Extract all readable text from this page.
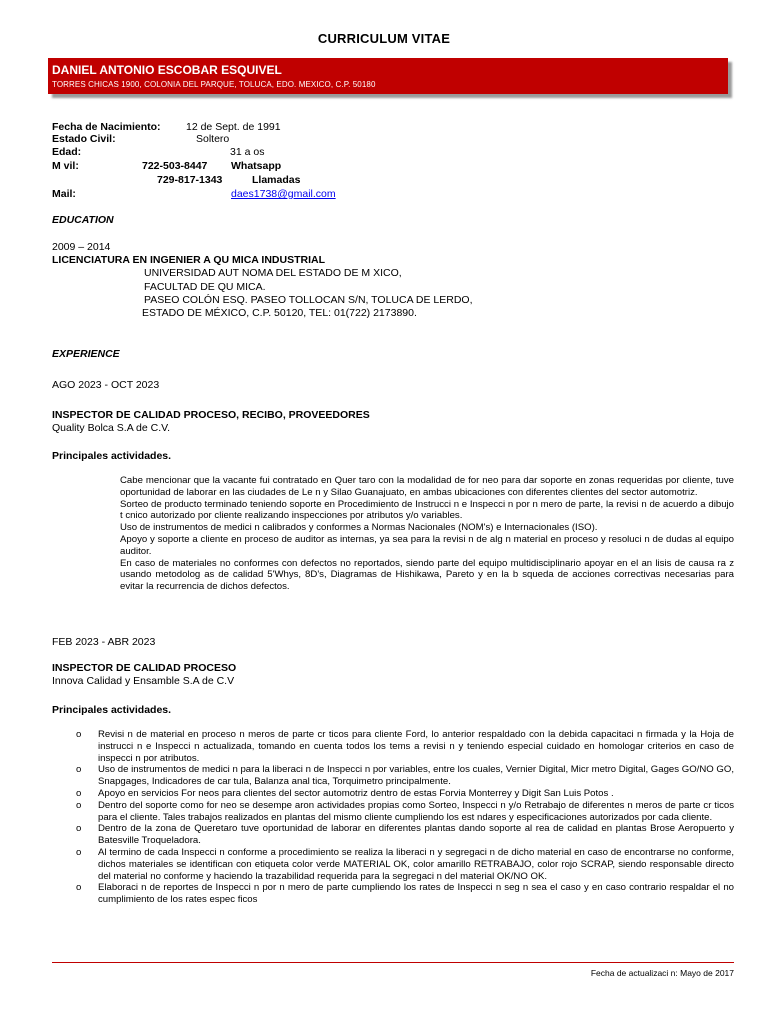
CURRICULUM VITAE
DANIEL ANTONIO ESCOBAR ESQUIVEL
TORRES CHICAS 1900, COLONIA DEL PARQUE, TOLUCA, EDO. MEXICO, C.P. 50180
Fecha de Nacimiento: 12 de Sept. de 1991
Estado Civil:	Soltero
Edad:	31 a os
M vil:	722-503-8447 Whatsapp
729-817-1343	Llamadas
Mail:	daes1738@gmail.com
EDUCATION
2009 – 2014
LICENCIATURA EN INGENIER A QU MICA INDUSTRIAL
UNIVERSIDAD AUT NOMA DEL ESTADO DE M XICO,
FACULTAD DE QU MICA.
PASEO COLÓN ESQ. PASEO TOLLOCAN S/N, TOLUCA DE LERDO,
ESTADO DE MÉXICO, C.P. 50120, TEL: 01(722) 2173890.
EXPERIENCE
AGO 2023 - OCT 2023
INSPECTOR DE CALIDAD PROCESO, RECIBO, PROVEEDORES
Quality Bolca S.A de C.V.
Principales actividades.

Cabe mencionar que la vacante fui contratado en Quer taro con la modalidad de for neo para dar soporte en zonas requeridas por cliente, tuve oportunidad de laborar en las ciudades de Le n y Silao Guanajuato, en ambas ubicaciones con diferentes clientes del sector automotriz.

Sorteo de producto terminado teniendo soporte en Procedimiento de Instrucci n e Inspecci n por n mero de parte, la revisi n de acuerdo a dibujo t cnico autorizado por cliente realizando inspecciones por atributos y/o variables.

Uso de instrumentos de medici n calibrados y conformes a Normas Nacionales (NOM's) e Internacionales (ISO).

Apoyo y soporte a cliente en proceso de auditor as internas, ya sea para la revisi n de alg n material en proceso y resoluci n de dudas al equipo auditor.

En caso de materiales no conformes con defectos no reportados, siendo parte del equipo multidisciplinario apoyar en el an lisis de causa ra z usando metodolog as de calidad 5'Whys, 8D's, Diagramas de Hishikawa, Pareto y en la b squeda de acciones correctivas necesarias para evitar la recurrencia de dichos defectos.

FEB 2023 - ABR 2023
INSPECTOR DE CALIDAD PROCESO
Innova Calidad y Ensamble S.A de C.V
Principales actividades.
o Revisi n de material en proceso n meros de parte cr ticos para cliente Ford, lo anterior respaldado con la debida capacitaci n firmada y la Hoja de instrucci n e Inspecci n actualizada, tomando en cuenta todos los tems a revisi n y teniendo especial cuidado en homologar criterios en caso de inspecci n por atributos.
o Uso de instrumentos de medici n para la liberaci n de Inspecci n por variables, entre los cuales, Vernier Digital, Micr metro Digital, Gages GO/NO GO, Snapgages, Indicadores de car tula, Balanza anal tica, Torquimetro principalmente.
o Apoyo en servicios For neos para clientes del sector automotriz dentro de estas Forvia Monterrey y Digit San Luis Potos .
o Dentro del soporte como for neo se desempe aron actividades propias como Sorteo, Inspecci n y/o Retrabajo de diferentes n meros de parte cr ticos para el cliente. Tales trabajos realizados en plantas del mismo cliente cumpliendo los est ndares y especificaciones autorizados por cada cliente.
o Dentro de la zona de Queretaro tuve oportunidad de laborar en diferentes plantas dando soporte al rea de calidad en plantas Brose Aeropuerto y Batesville Troqueladora.
o Al termino de cada Inspecci n conforme a procedimiento se realiza la liberaci n y segregaci n de dicho material en caso de encontrarse no conforme, dichos materiales se identifican con etiqueta color verde MATERIAL OK, color amarillo RETRABAJO, color rojo SCRAP, siendo responsable directo del material no conforme y haciendo la trazabilidad requerida para la segregaci n del material OK/NO OK.
o Elaboraci n de reportes de Inspecci n por n mero de parte cumpliendo los rates de Inspecci n seg n sea el caso y en caso contrario respaldar el no cumplimiento de los rates espec ficos
Fecha de actualizaci n: Mayo de 2017
